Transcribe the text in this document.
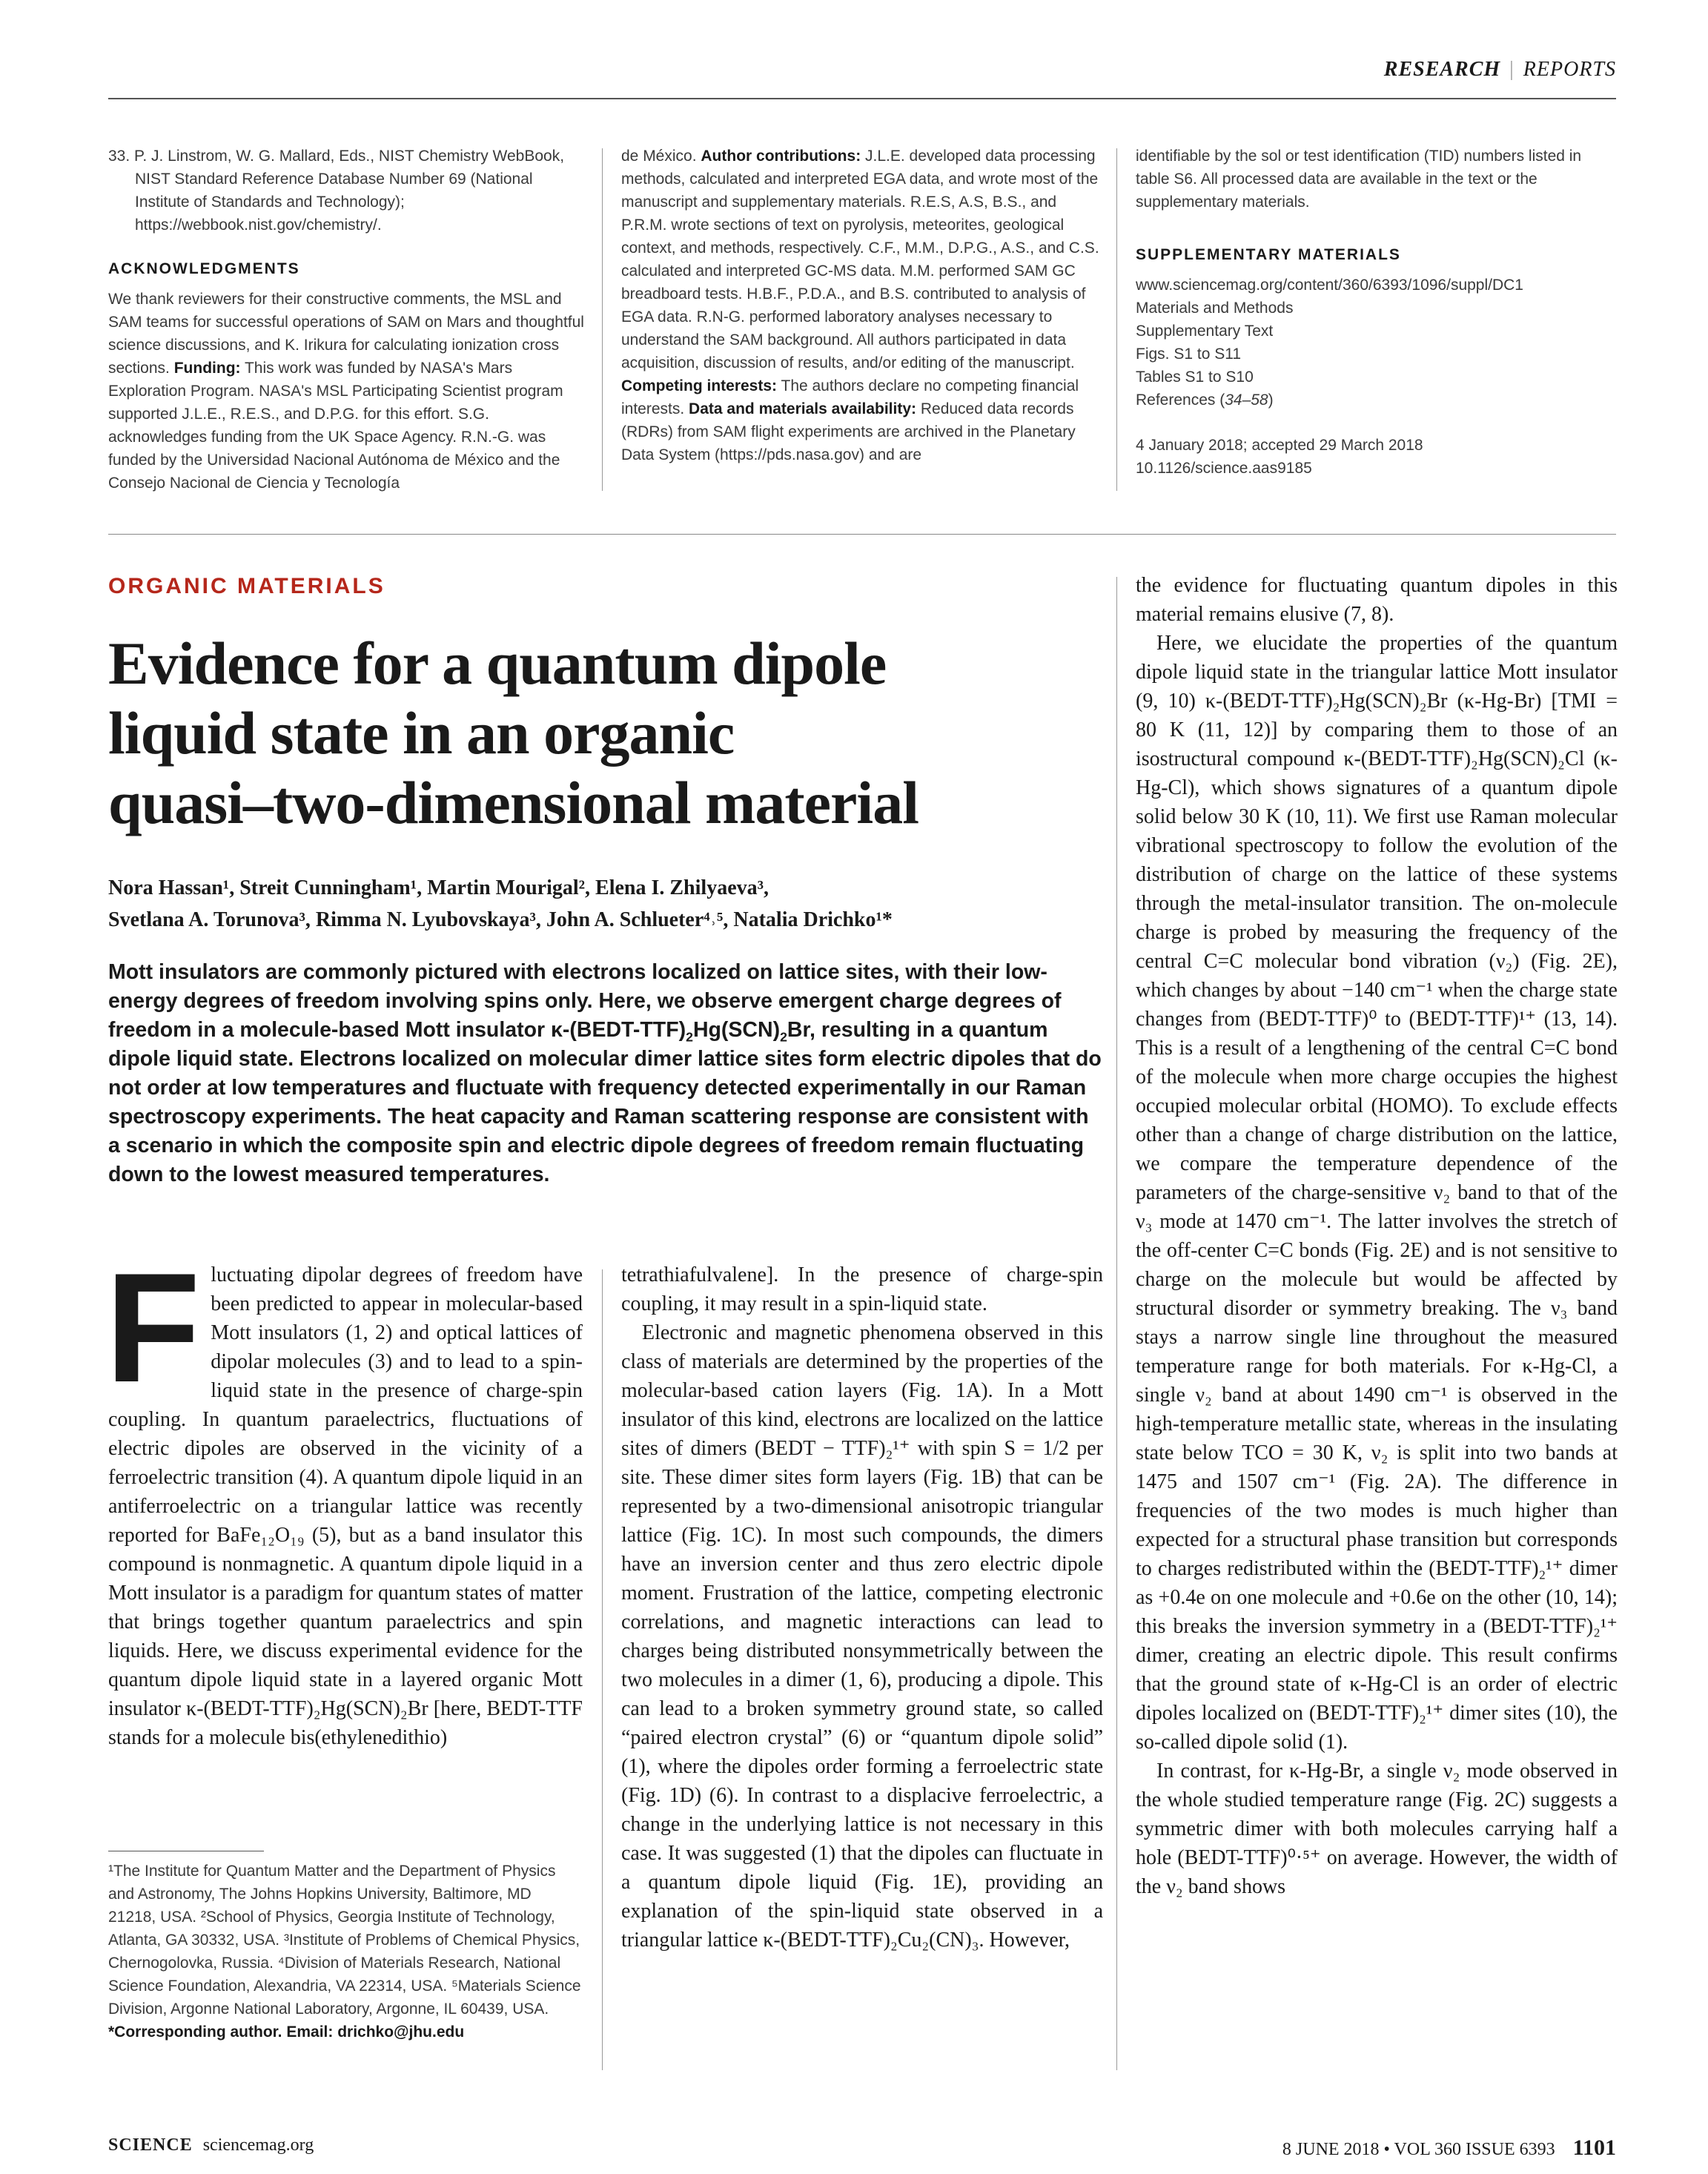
RESEARCH | REPORTS

33. P. J. Linstrom, W. G. Mallard, Eds., NIST Chemistry WebBook, NIST Standard Reference Database Number 69 (National Institute of Standards and Technology); https://webbook.nist.gov/chemistry/.

ACKNOWLEDGMENTS

We thank reviewers for their constructive comments, the MSL and SAM teams for successful operations of SAM on Mars and thoughtful science discussions, and K. Irikura for calculating ionization cross sections. Funding: This work was funded by NASA's Mars Exploration Program. NASA's MSL Participating Scientist program supported J.L.E., R.E.S., and D.P.G. for this effort. S.G. acknowledges funding from the UK Space Agency. R.N.-G. was funded by the Universidad Nacional Autónoma de México and the Consejo Nacional de Ciencia y Tecnología

de México. Author contributions: J.L.E. developed data processing methods, calculated and interpreted EGA data, and wrote most of the manuscript and supplementary materials. R.E.S, A.S, B.S., and P.R.M. wrote sections of text on pyrolysis, meteorites, geological context, and methods, respectively. C.F., M.M., D.P.G., A.S., and C.S. calculated and interpreted GC-MS data. M.M. performed SAM GC breadboard tests. H.B.F., P.D.A., and B.S. contributed to analysis of EGA data. R.N-G. performed laboratory analyses necessary to understand the SAM background. All authors participated in data acquisition, discussion of results, and/or editing of the manuscript. Competing interests: The authors declare no competing financial interests. Data and materials availability: Reduced data records (RDRs) from SAM flight experiments are archived in the Planetary Data System (https://pds.nasa.gov) and are

identifiable by the sol or test identification (TID) numbers listed in table S6. All processed data are available in the text or the supplementary materials.

SUPPLEMENTARY MATERIALS

www.sciencemag.org/content/360/6393/1096/suppl/DC1

Materials and Methods

Supplementary Text

Figs. S1 to S11

Tables S1 to S10

References (34–58)

4 January 2018; accepted 29 March 2018

10.1126/science.aas9185

ORGANIC MATERIALS
Evidence for a quantum dipole
liquid state in an organic
quasi–two-dimensional material
Nora Hassan¹, Streit Cunningham¹, Martin Mourigal², Elena I. Zhilyaeva³,
Svetlana A. Torunova³, Rimma N. Lyubovskaya³, John A. Schlueter⁴˒⁵, Natalia Drichko¹*
Mott insulators are commonly pictured with electrons localized on lattice sites, with their low-energy degrees of freedom involving spins only. Here, we observe emergent charge degrees of freedom in a molecule-based Mott insulator $\kappa-(BEDT-TTF)_2Hg(SCN)_2Br$, resulting in a quantum dipole liquid state. Electrons localized on molecular dimer lattice sites form electric dipoles that do not order at low temperatures and fluctuate with frequency detected experimentally in our Raman spectroscopy experiments. The heat capacity and Raman scattering response are consistent with a scenario in which the composite spin and electric dipole degrees of freedom remain fluctuating down to the lowest measured temperatures.

Fluctuating dipolar degrees of freedom have been predicted to appear in molecular-based Mott insulators (1, 2) and optical lattices of dipolar molecules (3) and to lead to a spin-liquid state in the presence of charge-spin coupling. In quantum paraelectrics, fluctuations of electric dipoles are observed in the vicinity of a ferroelectric transition (4). A quantum dipole liquid in an antiferroelectric on a triangular lattice was recently reported for BaFe₁₂O₁₉ (5), but as a band insulator this compound is nonmagnetic. A quantum dipole liquid in a Mott insulator is a paradigm for quantum states of matter that brings together quantum paraelectrics and spin liquids. Here, we discuss experimental evidence for the quantum dipole liquid state in a layered organic Mott insulator κ-(BEDT-TTF)₂Hg(SCN)₂Br [here, BEDT-TTF stands for a molecule bis(ethylenedithio)

¹The Institute for Quantum Matter and the Department of Physics and Astronomy, The Johns Hopkins University, Baltimore, MD 21218, USA. ²School of Physics, Georgia Institute of Technology, Atlanta, GA 30332, USA. ³Institute of Problems of Chemical Physics, Chernogolovka, Russia. ⁴Division of Materials Research, National Science Foundation, Alexandria, VA 22314, USA. ⁵Materials Science Division, Argonne National Laboratory, Argonne, IL 60439, USA.

*Corresponding author. Email: drichko@jhu.edu

tetrathiafulvalene]. In the presence of charge-spin coupling, it may result in a spin-liquid state.

Electronic and magnetic phenomena observed in this class of materials are determined by the properties of the molecular-based cation layers (Fig. 1A). In a Mott insulator of this kind, electrons are localized on the lattice sites of dimers (BEDT − TTF)₂¹⁺ with spin S = 1/2 per site. These dimer sites form layers (Fig. 1B) that can be represented by a two-dimensional anisotropic triangular lattice (Fig. 1C). In most such compounds, the dimers have an inversion center and thus zero electric dipole moment. Frustration of the lattice, competing electronic correlations, and magnetic interactions can lead to charges being distributed nonsymmetrically between the two molecules in a dimer (1, 6), producing a dipole. This can lead to a broken symmetry ground state, so called “paired electron crystal” (6) or “quantum dipole solid” (1), where the dipoles order forming a ferroelectric state (Fig. 1D) (6). In contrast to a displacive ferroelectric, a change in the underlying lattice is not necessary in this case. It was suggested (1) that the dipoles can fluctuate in a quantum dipole liquid (Fig. 1E), providing an explanation of the spin-liquid state observed in a triangular lattice κ-(BEDT-TTF)₂Cu₂(CN)₃. However,

the evidence for fluctuating quantum dipoles in this material remains elusive (7, 8).

Here, we elucidate the properties of the quantum dipole liquid state in the triangular lattice Mott insulator (9, 10) κ-(BEDT-TTF)₂Hg(SCN)₂Br (κ-Hg-Br) [TMI = 80 K (11, 12)] by comparing them to those of an isostructural compound κ-(BEDT-TTF)₂Hg(SCN)₂Cl (κ-Hg-Cl), which shows signatures of a quantum dipole solid below 30 K (10, 11). We first use Raman molecular vibrational spectroscopy to follow the evolution of the distribution of charge on the lattice of these systems through the metal-insulator transition. The on-molecule charge is probed by measuring the frequency of the central C=C molecular bond vibration (ν₂) (Fig. 2E), which changes by about −140 cm⁻¹ when the charge state changes from (BEDT-TTF)⁰ to (BEDT-TTF)¹⁺ (13, 14). This is a result of a lengthening of the central C=C bond of the molecule when more charge occupies the highest occupied molecular orbital (HOMO). To exclude effects other than a change of charge distribution on the lattice, we compare the temperature dependence of the parameters of the charge-sensitive ν₂ band to that of the ν₃ mode at 1470 cm⁻¹. The latter involves the stretch of the off-center C=C bonds (Fig. 2E) and is not sensitive to charge on the molecule but would be affected by structural disorder or symmetry breaking. The ν₃ band stays a narrow single line throughout the measured temperature range for both materials. For κ-Hg-Cl, a single ν₂ band at about 1490 cm⁻¹ is observed in the high-temperature metallic state, whereas in the insulating state below TCO = 30 K, ν₂ is split into two bands at 1475 and 1507 cm⁻¹ (Fig. 2A). The difference in frequencies of the two modes is much higher than expected for a structural phase transition but corresponds to charges redistributed within the (BEDT-TTF)₂¹⁺ dimer as +0.4e on one molecule and +0.6e on the other (10, 14); this breaks the inversion symmetry in a (BEDT-TTF)₂¹⁺ dimer, creating an electric dipole. This result confirms that the ground state of κ-Hg-Cl is an order of electric dipoles localized on (BEDT-TTF)₂¹⁺ dimer sites (10), the so-called dipole solid (1).

In contrast, for κ-Hg-Br, a single ν₂ mode observed in the whole studied temperature range (Fig. 2C) suggests a symmetric dimer with both molecules carrying half a hole (BEDT-TTF)⁰·⁵⁺ on average. However, the width of the ν₂ band shows

SCIENCE sciencemag.org	8 JUNE 2018 • VOL 360 ISSUE 6393 1101
